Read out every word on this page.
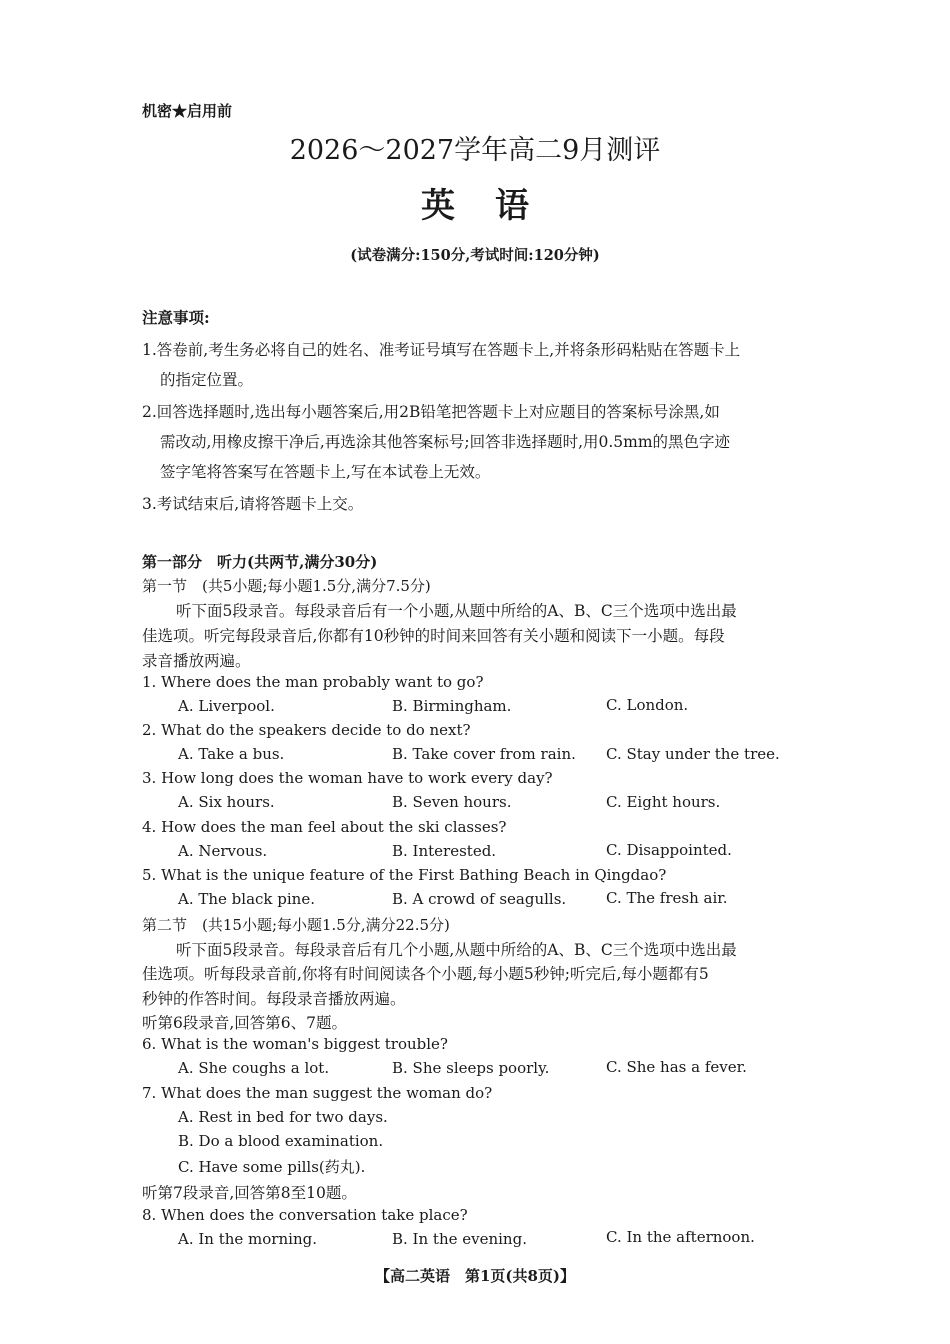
机密★启用前
2026～2027学年高二9月测评
英语
(试卷满分:150分,考试时间:120分钟)
注意事项:
1.答卷前,考生务必将自己的姓名、准考证号填写在答题卡上,并将条形码粘贴在答题卡上
的指定位置。
2.回答选择题时,选出每小题答案后,用2B铅笔把答题卡上对应题目的答案标号涂黑,如
需改动,用橡皮擦干净后,再选涂其他答案标号;回答非选择题时,用0.5mm的黑色字迹
签字笔将答案写在答题卡上,写在本试卷上无效。
3.考试结束后,请将答题卡上交。
第一部分　听力(共两节,满分30分)
第一节　(共5小题;每小题1.5分,满分7.5分)
听下面5段录音。每段录音后有一个小题,从题中所给的A、B、C三个选项中选出最
佳选项。听完每段录音后,你都有10秒钟的时间来回答有关小题和阅读下一小题。每段
录音播放两遍。
1. Where does the man probably want to go?
A. Liverpool.	B. Birmingham.	C. London.
2. What do the speakers decide to do next?
A. Take a bus.	B. Take cover from rain. C. Stay under the tree.
3. How long does the woman have to work every day?
A. Six hours.	B. Seven hours.	C. Eight hours.
4. How does the man feel about the ski classes?
A. Nervous.	B. Interested.	C. Disappointed.
5. What is the unique feature of the First Bathing Beach in Qingdao?
A. The black pine.	B. A crowd of seagulls.	C. The fresh air.
第二节　(共15小题;每小题1.5分,满分22.5分)
听下面5段录音。每段录音后有几个小题,从题中所给的A、B、C三个选项中选出最
佳选项。听每段录音前,你将有时间阅读各个小题,每小题5秒钟;听完后,每小题都有5
秒钟的作答时间。每段录音播放两遍。
听第6段录音,回答第6、7题。
6. What is the woman's biggest trouble?
A. She coughs a lot.	B. She sleeps poorly.	C. She has a fever.
7. What does the man suggest the woman do?
A. Rest in bed for two days.
B. Do a blood examination.
C. Have some pills(药丸).
听第7段录音,回答第8至10题。
8. When does the conversation take place?
A. In the morning.	B. In the evening.	C. In the afternoon.
【高二英语　第1页(共8页)】
